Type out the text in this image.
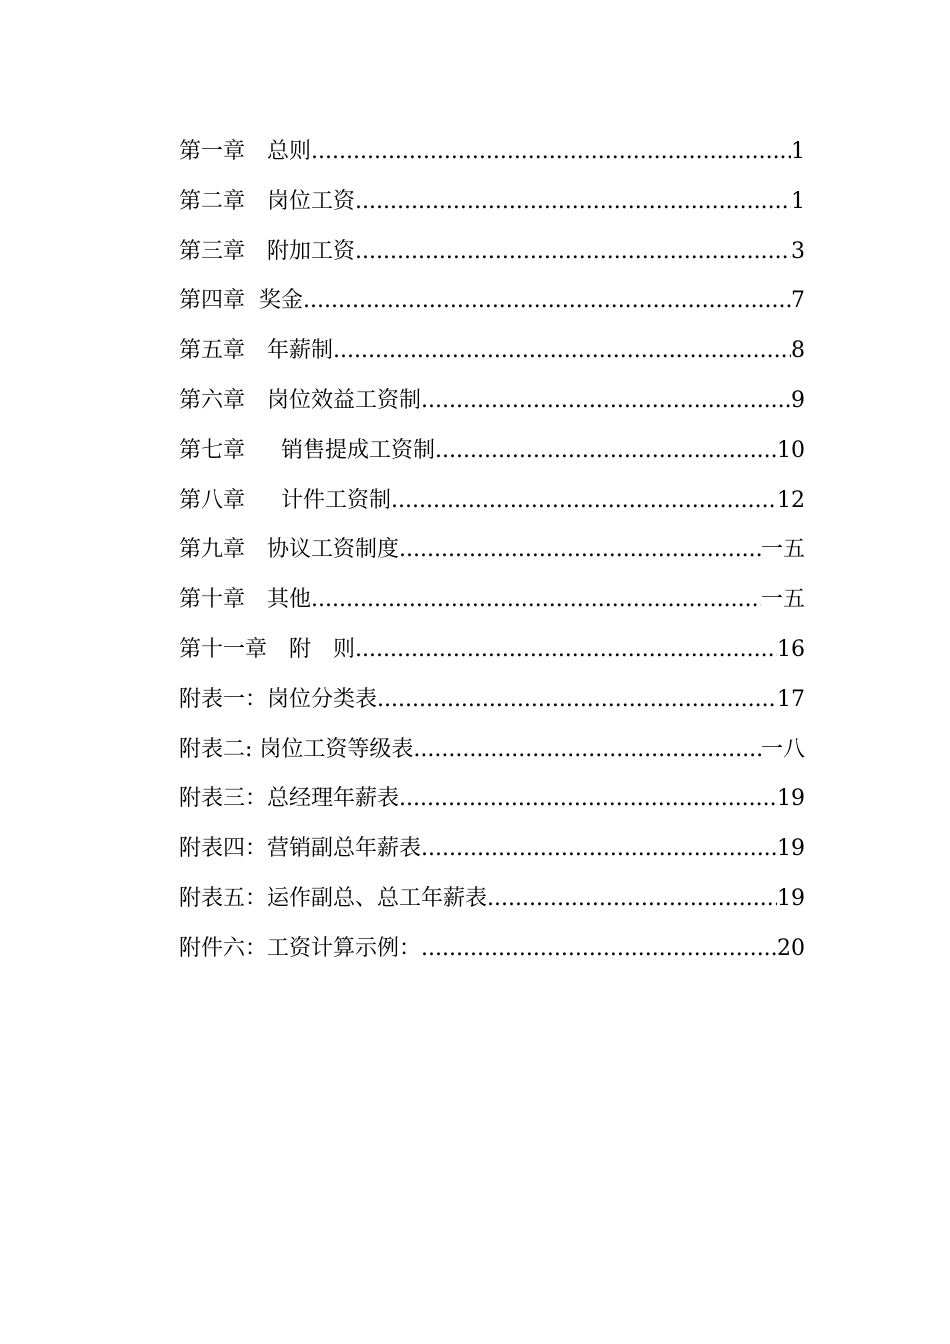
第一章　总则 .....	1
第二章　岗位工资 .....	1
第三章　附加工资 .....	3
第四章  奖金 .....	7
第五章　年薪制 .....	8
第六章　岗位效益工资制 .....	9
第七章　  销售提成工资制 .....	10
第八章　  计件工资制 .....	12
第九章　协议工资制度 .....	一五
第十章　其他 .....	一五
第十一章　附　则 .....	16
附表一：岗位分类表 .....	17
附表二: 岗位工资等级表 .....	一八
附表三：总经理年薪表 .....	19
附表四：营销副总年薪表 .....	19
附表五：运作副总、总工年薪表 .....	19
附件六：工资计算示例： .....	20
